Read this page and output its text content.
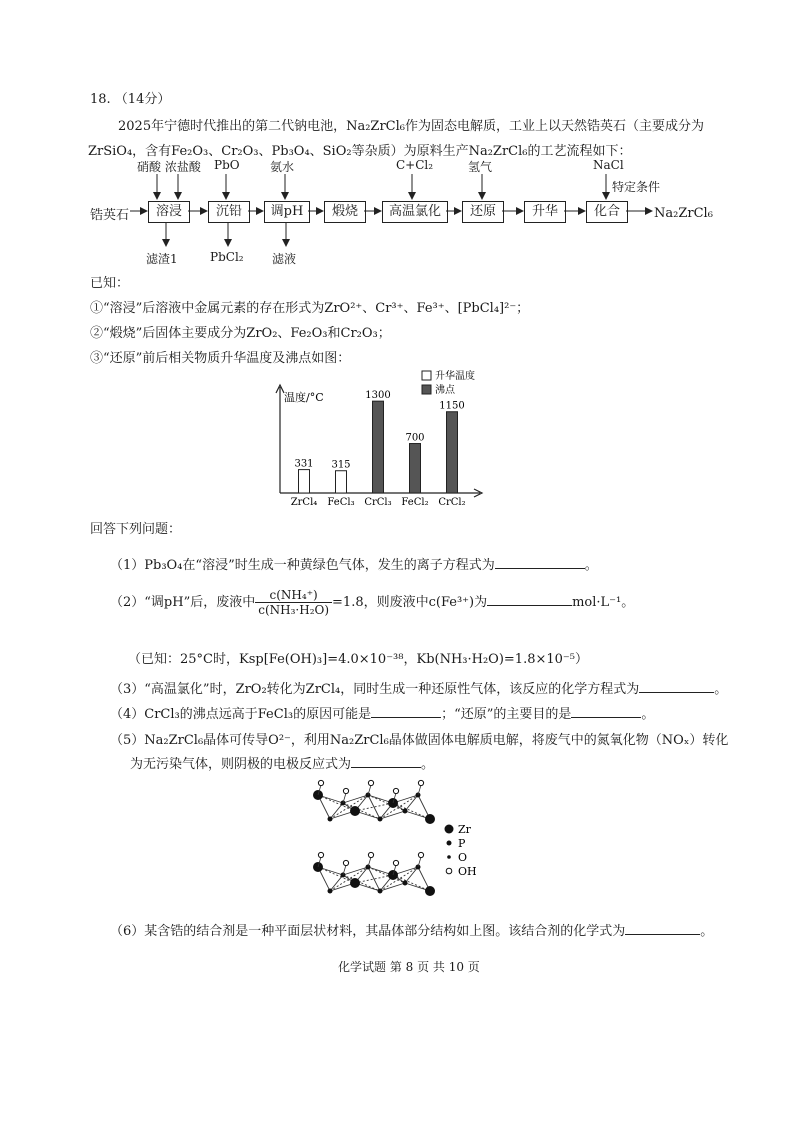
18. （14分）
2025年宁德时代推出的第二代钠电池，Na₂ZrCl₆作为固态电解质，工业上以天然锆英石（主要成分为
ZrSiO₄，含有Fe₂O₃、Cr₂O₃、Pb₃O₄、SiO₂等杂质）为原料生产Na₂ZrCl₆的工艺流程如下：
硝酸 浓盐酸 PbO	氨水	C+Cl₂	氢气	NaCl
特定条件
锆英石	Na₂ZrCl₆
溶浸	沉铅	调pH	煅烧	高温氯化	还原	升华	化合
滤渣1	PbCl₂ 滤液
已知：
①“溶浸”后溶液中金属元素的存在形式为ZrO²⁺、Cr³⁺、Fe³⁺、[PbCl₄]²⁻；
②“煅烧”后固体主要成分为ZrO₂、Fe₂O₃和Cr₂O₃；
③“还原”前后相关物质升华温度及沸点如图：
温度/°C
升华温度
沸点
331
ZrCl₄
315
FeCl₃
1300
CrCl₃
700
FeCl₂
1150
CrCl₂
回答下列问题：
（1）Pb₃O₄在“溶浸”时生成一种黄绿色气体，发生的离子方程式为	。
（2）“调pH”后，废液中 $\frac{\text{c(NH₄⁺)}}{\text{c(NH₃·H₂O)}} =1.8$，则废液中c(Fe³⁺)为	mol·L⁻¹。
（已知：25°C时，Ksp[Fe(OH)₃]=4.0×10⁻³⁸，Kb(NH₃·H₂O)=1.8×10⁻⁵）
（3）“高温氯化”时，ZrO₂转化为ZrCl₄，同时生成一种还原性气体，该反应的化学方程式为	。
（4）CrCl₃的沸点远高于FeCl₃的原因可能是	；“还原”的主要目的是	。
（5）Na₂ZrCl₆晶体可传导O²⁻，利用Na₂ZrCl₆晶体做固体电解质电解，将废气中的氮氧化物（NOₓ）转化
为无污染气体，则阴极的电极反应式为	。
Zr
P
O
OH
（6）某含锆的结合剂是一种平面层状材料，其晶体部分结构如上图。该结合剂的化学式为	。
化学试题 第 8 页 共 10 页
